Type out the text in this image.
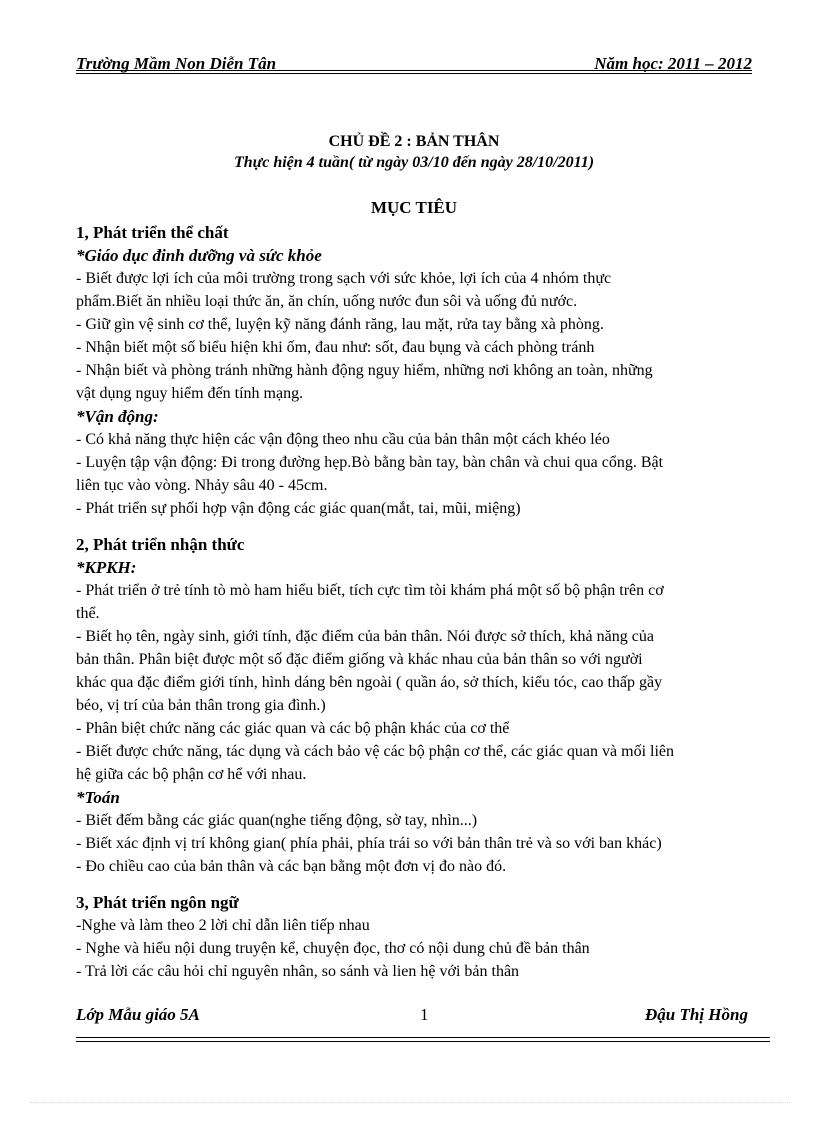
Trường Mầm Non Diễn Tân	Năm học: 2011 – 2012
CHỦ ĐỀ 2 : BẢN THÂN
Thực hiện 4 tuần( từ ngày 03/10 đến ngày 28/10/2011)
MỤC TIÊU
1, Phát triển thể chất
*Giáo dục đinh dưỡng và sức khỏe
- Biết được lợi ích của môi trường trong sạch với sức khỏe, lợi ích của 4 nhóm thực
phẩm.Biết ăn nhiều loại thức ăn, ăn chín, uống nước đun sôi và uống đủ nước.
- Giữ gìn vệ sinh cơ thể, luyện kỹ năng đánh răng, lau mặt, rửa tay bằng xà phòng.
- Nhận biết một số biểu hiện khi ốm, đau như: sốt, đau bụng và cách phòng tránh
- Nhận biết và phòng tránh những hành động nguy hiểm, những nơi không an toàn, những
vật dụng nguy hiểm đến tính mạng.
*Vận động:
- Có khả năng thực hiện các vận động theo nhu cầu của bản thân một cách khéo léo
- Luyện tập vận động: Đi trong đường hẹp.Bò bằng bàn tay, bàn chân và chui qua cổng. Bật
liên tục vào vòng. Nhảy sâu 40 - 45cm.
- Phát triển sự phối hợp vận động các giác quan(mắt, tai, mũi, miệng)
2, Phát triển nhận thức
*KPKH:
- Phát triển ở trẻ tính tò mò ham hiểu biết, tích cực tìm tòi khám phá một số bộ phận trên cơ
thể.
- Biết họ tên, ngày sinh, giới tính, đặc điểm của bản thân. Nói được sở thích, khả năng của
bản thân. Phân biệt được một số đặc điểm giống và khác nhau của bản thân so với người
khác qua đặc điểm giới tính, hình dáng bên ngoài ( quần áo, sở thích, kiểu tóc, cao thấp gầy
béo, vị trí của bản thân trong gia đình.)
- Phân biệt chức năng các giác quan và các bộ phận khác của cơ thể
- Biết được chức năng, tác dụng và cách bảo vệ các bộ phận cơ thể, các giác quan và mối liên
hệ giữa các bộ phận cơ hể với nhau.
*Toán
- Biết đếm bằng các giác quan(nghe tiếng động, sờ tay, nhìn...)
- Biết xác định vị trí không gian( phía phải, phía trái so với bản thân trẻ và so với ban khác)
- Đo chiều cao của bản thân và các bạn bằng một đơn vị đo nào đó.
3, Phát triển ngôn ngữ
-Nghe và làm theo 2 lời chỉ dẫn liên tiếp nhau
- Nghe và hiểu nội dung truyện kể, chuyện đọc, thơ có nội dung chủ đề bản thân
- Trả lời các câu hỏi chỉ nguyên nhân, so sánh và lien hệ với bản thân
Lớp Mẫu giáo 5A	1	Đậu Thị Hồng
